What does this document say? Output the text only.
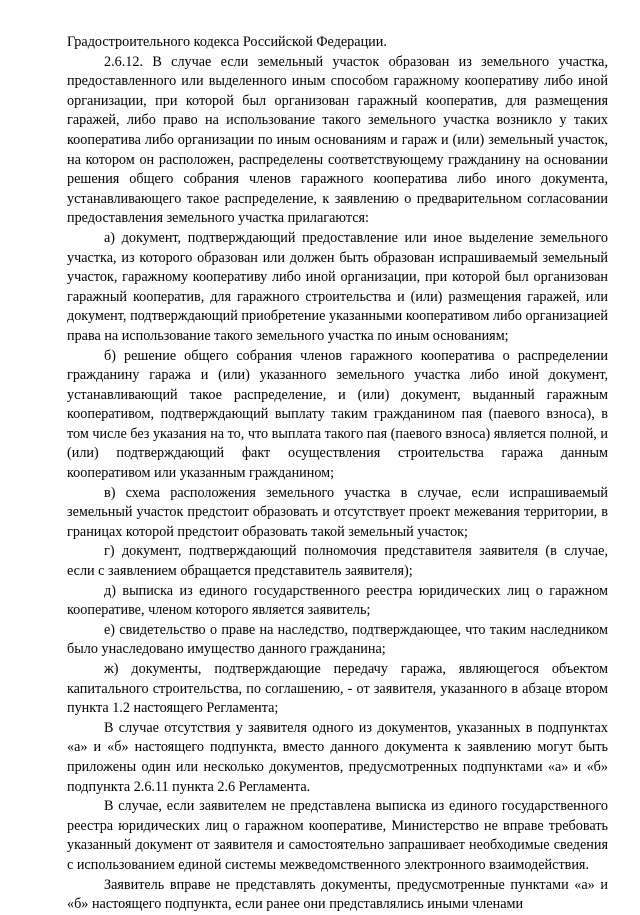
Градостроительного кодекса Российской Федерации.

2.6.12. В случае если земельный участок образован из земельного участка, предоставленного или выделенного иным способом гаражному кооперативу либо иной организации, при которой был организован гаражный кооператив, для размещения гаражей, либо право на использование такого земельного участка возникло у таких кооператива либо организации по иным основаниям и гараж и (или) земельный участок, на котором он расположен, распределены соответствующему гражданину на основании решения общего собрания членов гаражного кооператива либо иного документа, устанавливающего такое распределение, к заявлению о предварительном согласовании предоставления земельного участка прилагаются:

а) документ, подтверждающий предоставление или иное выделение земельного участка, из которого образован или должен быть образован испрашиваемый земельный участок, гаражному кооперативу либо иной организации, при которой был организован гаражный кооператив, для гаражного строительства и (или) размещения гаражей, или документ, подтверждающий приобретение указанными кооперативом либо организацией права на использование такого земельного участка по иным основаниям;

б) решение общего собрания членов гаражного кооператива о распределении гражданину гаража и (или) указанного земельного участка либо иной документ, устанавливающий такое распределение, и (или) документ, выданный гаражным кооперативом, подтверждающий выплату таким гражданином пая (паевого взноса), в том числе без указания на то, что выплата такого пая (паевого взноса) является полной, и (или) подтверждающий факт осуществления строительства гаража данным кооперативом или указанным гражданином;

в) схема расположения земельного участка в случае, если испрашиваемый земельный участок предстоит образовать и отсутствует проект межевания территории, в границах которой предстоит образовать такой земельный участок;

г) документ, подтверждающий полномочия представителя заявителя (в случае, если с заявлением обращается представитель заявителя);

д) выписка из единого государственного реестра юридических лиц о гаражном кооперативе, членом которого является заявитель;

е) свидетельство о праве на наследство, подтверждающее, что таким наследником было унаследовано имущество данного гражданина;

ж) документы, подтверждающие передачу гаража, являющегося объектом капитального строительства, по соглашению, - от заявителя, указанного в абзаце втором пункта 1.2 настоящего Регламента;

В случае отсутствия у заявителя одного из документов, указанных в подпунктах «а» и «б» настоящего подпункта, вместо данного документа к заявлению могут быть приложены один или несколько документов, предусмотренных подпунктами «а» и «б» подпункта 2.6.11 пункта 2.6 Регламента.

В случае, если заявителем не представлена выписка из единого государственного реестра юридических лиц о гаражном кооперативе, Министерство не вправе требовать указанный документ от заявителя и самостоятельно запрашивает необходимые сведения с использованием единой системы межведомственного электронного взаимодействия.

Заявитель вправе не представлять документы, предусмотренные пунктами «а» и «б» настоящего подпункта, если ранее они представлялись иными членами
